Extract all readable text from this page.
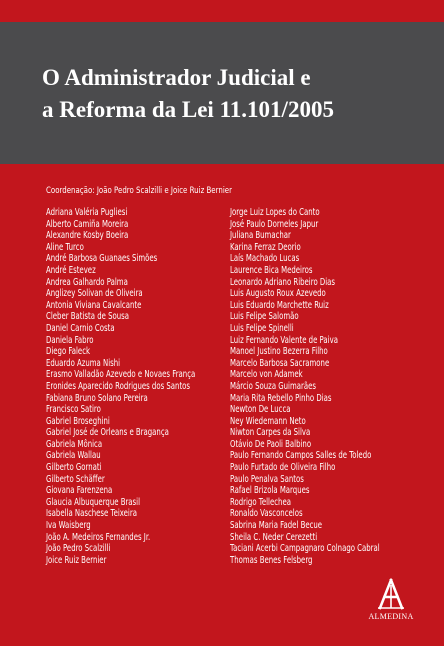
O Administrador Judicial e
a Reforma da Lei 11.101/2005
Coordenação: João Pedro Scalzilli e Joice Ruiz Bernier
Adriana Valéria Pugliesi
Alberto Camiña Moreira
Alexandre Kosby Boeira
Aline Turco
André Barbosa Guanaes Simões
André Estevez
Andrea Galhardo Palma
Anglizey Solivan de Oliveira
Antonia Viviana Cavalcante
Cleber Batista de Sousa
Daniel Carnio Costa
Daniela Fabro
Diego Faleck
Eduardo Azuma Nishi
Erasmo Valladão Azevedo e Novaes França
Eronides Aparecido Rodrigues dos Santos
Fabiana Bruno Solano Pereira
Francisco Satiro
Gabriel Broseghini
Gabriel José de Orleans e Bragança
Gabriela Mônica
Gabriela Wallau
Gilberto Gornati
Gilberto Schäffer
Giovana Farenzena
Glaucia Albuquerque Brasil
Isabella Naschese Teixeira
Iva Waisberg
João A. Medeiros Fernandes Jr.
João Pedro Scalzilli
Joice Ruiz Bernier
Jorge Luiz Lopes do Canto
José Paulo Dorneles Japur
Juliana Bumachar
Karina Ferraz Deorio
Laís Machado Lucas
Laurence Bica Medeiros
Leonardo Adriano Ribeiro Dias
Luis Augusto Roux Azevedo
Luis Eduardo Marchette Ruiz
Luis Felipe Salomão
Luis Felipe Spinelli
Luiz Fernando Valente de Paiva
Manoel Justino Bezerra Filho
Marcelo Barbosa Sacramone
Marcelo von Adamek
Márcio Souza Guimarães
Maria Rita Rebello Pinho Dias
Newton De Lucca
Ney Wiedemann Neto
Niwton Carpes da Silva
Otávio De Paoli Balbino
Paulo Fernando Campos Salles de Toledo
Paulo Furtado de Oliveira Filho
Paulo Penalva Santos
Rafael Brizola Marques
Rodrigo Tellechea
Ronaldo Vasconcelos
Sabrina Maria Fadel Becue
Sheila C. Neder Cerezetti
Taciani Acerbi Campagnaro Colnago Cabral
Thomas Benes Felsberg
ALMEDINA
